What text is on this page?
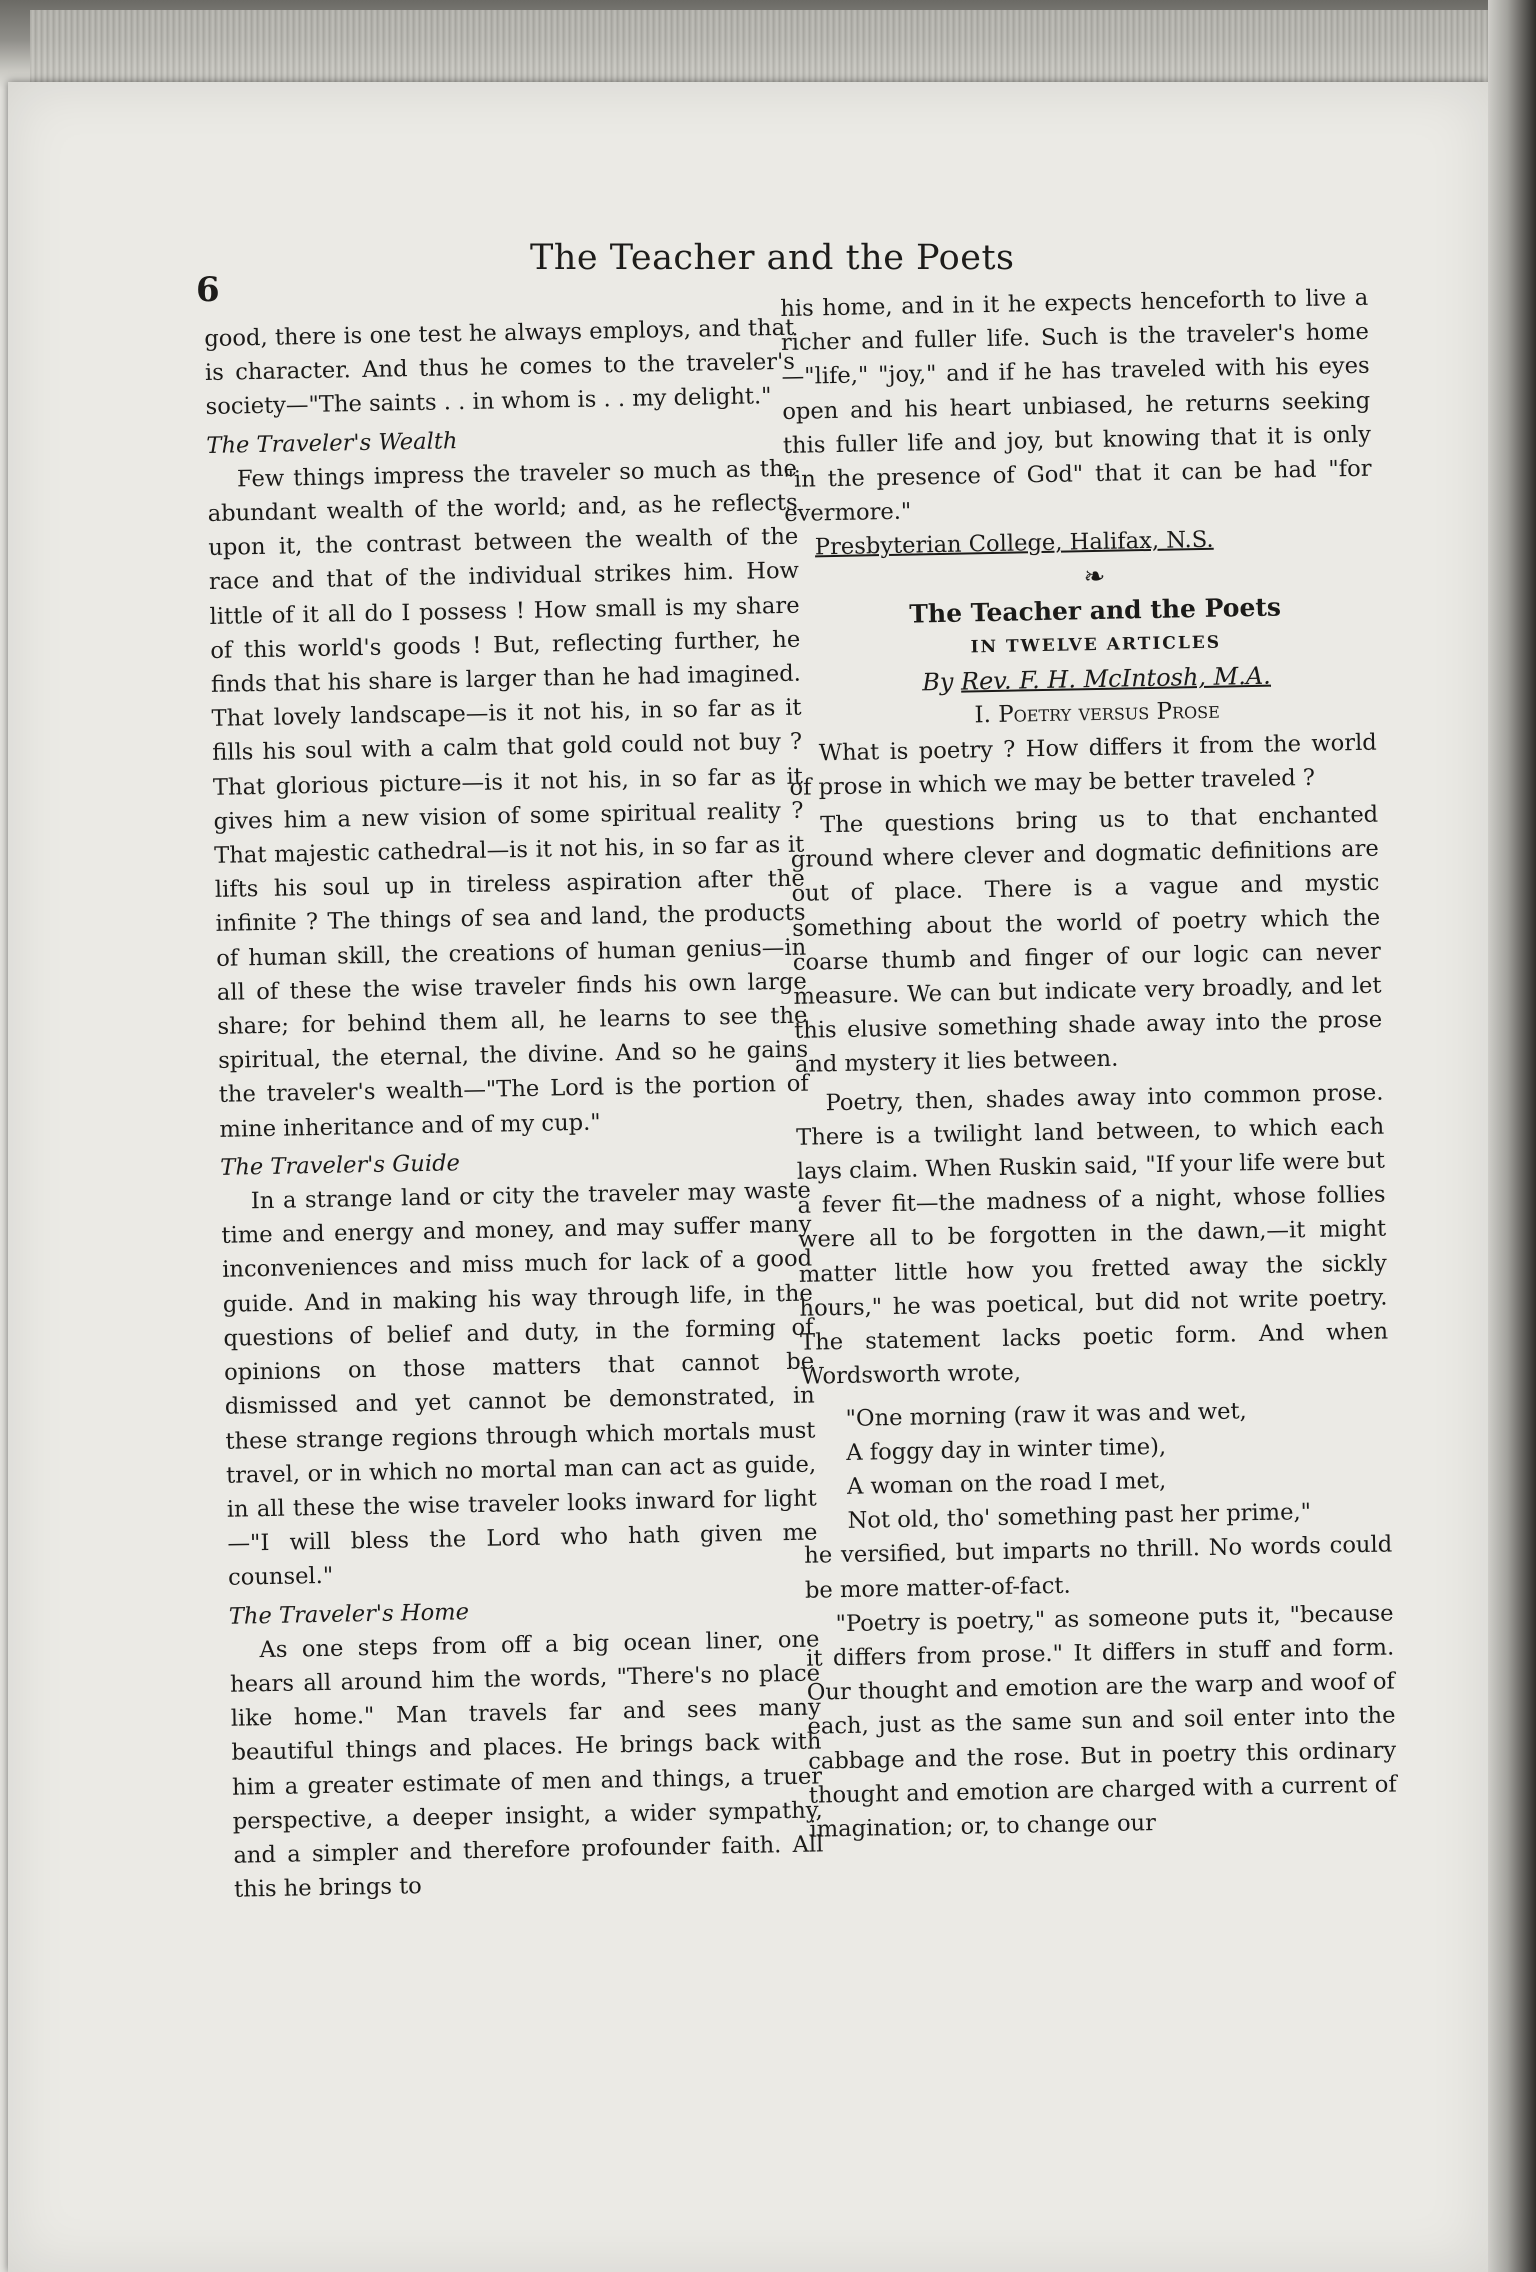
6
The Teacher and the Poets

good, there is one test he always employs, and that is character. And thus he comes to the traveler's society—"The saints . . in whom is . . my delight."

The Traveler's Wealth

Few things impress the traveler so much as the abundant wealth of the world; and, as he reflects upon it, the contrast between the wealth of the race and that of the individual strikes him. How little of it all do I possess ! How small is my share of this world's goods ! But, reflecting further, he finds that his share is larger than he had imagined. That lovely landscape—is it not his, in so far as it fills his soul with a calm that gold could not buy ? That glorious picture—is it not his, in so far as it gives him a new vision of some spiritual reality ? That majestic cathedral—is it not his, in so far as it lifts his soul up in tireless aspiration after the infinite ? The things of sea and land, the products of human skill, the creations of human genius—in all of these the wise traveler finds his own large share; for behind them all, he learns to see the spiritual, the eternal, the divine. And so he gains the traveler's wealth—"The Lord is the portion of mine inheritance and of my cup."

The Traveler's Guide

In a strange land or city the traveler may waste time and energy and money, and may suffer many inconveniences and miss much for lack of a good guide. And in making his way through life, in the questions of belief and duty, in the forming of opinions on those matters that cannot be dismissed and yet cannot be demonstrated, in these strange regions through which mortals must travel, or in which no mortal man can act as guide, in all these the wise traveler looks inward for light—"I will bless the Lord who hath given me counsel."

The Traveler's Home

As one steps from off a big ocean liner, one hears all around him the words, "There's no place like home." Man travels far and sees many beautiful things and places. He brings back with him a greater estimate of men and things, a truer perspective, a deeper insight, a wider sympathy, and a simpler and therefore profounder faith. All this he brings to

his home, and in it he expects henceforth to live a richer and fuller life. Such is the traveler's home—"life," "joy," and if he has traveled with his eyes open and his heart unbiased, he returns seeking this fuller life and joy, but knowing that it is only "in the presence of God" that it can be had "for evermore."

Presbyterian College, Halifax, N.S.

❧

The Teacher and the Poets

IN TWELVE ARTICLES

By Rev. F. H. McIntosh, M.A.

I. Poetry versus Prose

What is poetry ? How differs it from the world of prose in which we may be better traveled ?

The questions bring us to that enchanted ground where clever and dogmatic definitions are out of place. There is a vague and mystic something about the world of poetry which the coarse thumb and finger of our logic can never measure. We can but indicate very broadly, and let this elusive something shade away into the prose and mystery it lies between.

Poetry, then, shades away into common prose. There is a twilight land between, to which each lays claim. When Ruskin said, "If your life were but a fever fit—the madness of a night, whose follies were all to be forgotten in the dawn,—it might matter little how you fretted away the sickly hours," he was poetical, but did not write poetry. The statement lacks poetic form. And when Wordsworth wrote,

"One morning (raw it was and wet,

A foggy day in winter time),

A woman on the road I met,

Not old, tho' something past her prime,"

he versified, but imparts no thrill. No words could be more matter-of-fact.

"Poetry is poetry," as someone puts it, "because it differs from prose." It differs in stuff and form. Our thought and emotion are the warp and woof of each, just as the same sun and soil enter into the cabbage and the rose. But in poetry this ordinary thought and emotion are charged with a current of imagination; or, to change our
